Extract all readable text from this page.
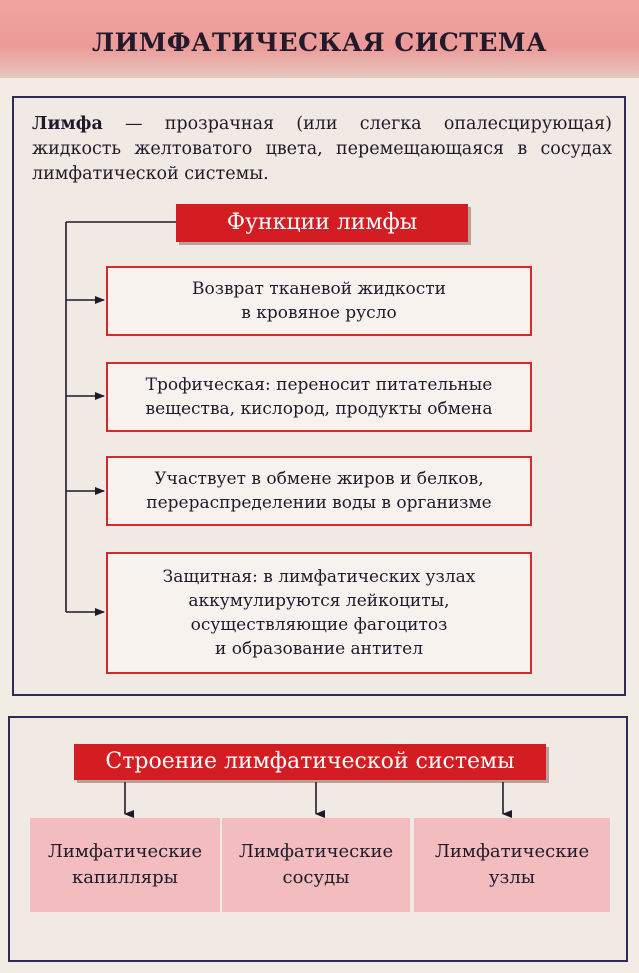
ЛИМФАТИЧЕСКАЯ СИСТЕМА
Лимфа — прозрачная (или слегка опалесцирующая) жидкость желтоватого цвета, перемещающаяся в сосудах лимфатической системы.
Функции лимфы
Возврат тканевой жидкости
в кровяное русло
Трофическая: переносит питательные
вещества, кислород, продукты обмена
Участвует в обмене жиров и белков,
перераспределении воды в организме
Защитная: в лимфатических узлах
аккумулируются лейкоциты,
осуществляющие фагоцитоз
и образование антител
Строение лимфатической системы
Лимфатические
капилляры
Лимфатические
сосуды
Лимфатические
узлы
